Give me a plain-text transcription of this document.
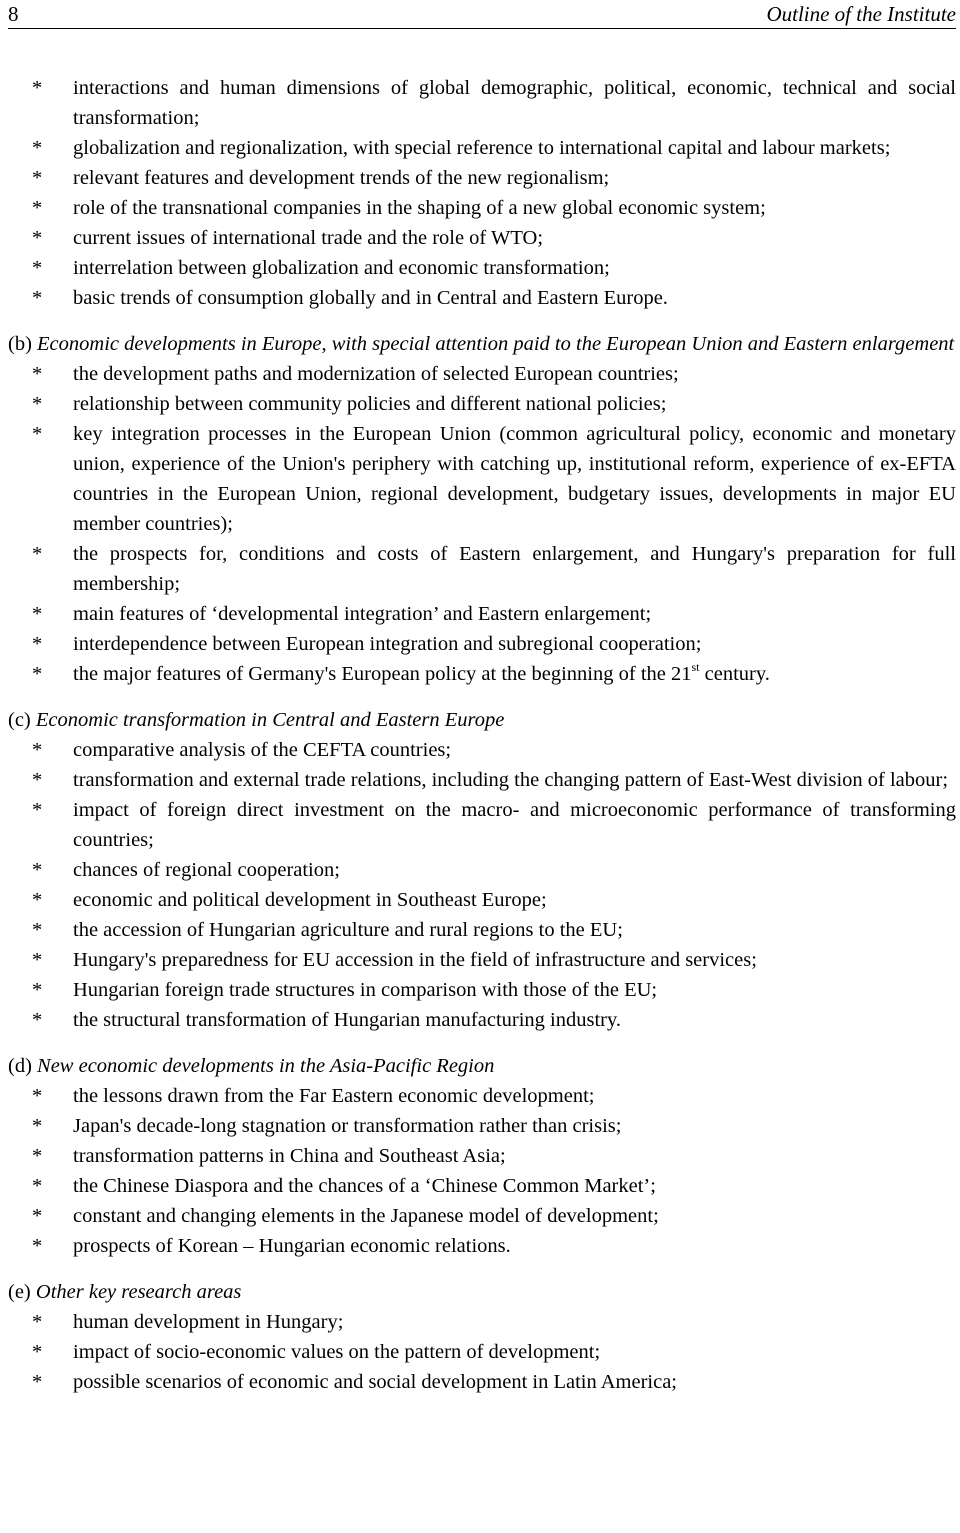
8	Outline of the Institute
*	interactions and human dimensions of global demographic, political, economic, technical and social transformation;
*	globalization and regionalization, with special reference to international capital and labour markets;
*	relevant features and development trends of the new regionalism;
*	role of the transnational companies in the shaping of a new global economic system;
*	current issues of international trade and the role of WTO;
*	interrelation between globalization and economic transformation;
*	basic trends of consumption globally and in Central and Eastern Europe.
(b) Economic developments in Europe, with special attention paid to the European Union and Eastern enlargement
*	the development paths and modernization of selected European countries;
*	relationship between community policies and different national policies;
*	key integration processes in the European Union (common agricultural policy, economic and monetary union, experience of the Union's periphery with catching up, institutional reform, experience of ex-EFTA countries in the European Union, regional development, budgetary issues, developments in major EU member countries);
*	the prospects for, conditions and costs of Eastern enlargement, and Hungary's preparation for full membership;
*	main features of ‘developmental integration’ and Eastern enlargement;
*	interdependence between European integration and subregional cooperation;
*	the major features of Germany's European policy at the beginning of the 21st century.
(c) Economic transformation in Central and Eastern Europe
*	comparative analysis of the CEFTA countries;
*	transformation and external trade relations, including the changing pattern of East-West division of labour;
*	impact of foreign direct investment on the macro- and microeconomic performance of transforming countries;
*	chances of regional cooperation;
*	economic and political development in Southeast Europe;
*	the accession of Hungarian agriculture and rural regions to the EU;
*	Hungary's preparedness for EU accession in the field of infrastructure and services;
*	Hungarian foreign trade structures in comparison with those of the EU;
*	the structural transformation of Hungarian manufacturing industry.
(d) New economic developments in the Asia-Pacific Region
*	the lessons drawn from the Far Eastern economic development;
*	Japan's decade-long stagnation or transformation rather than crisis;
*	transformation patterns in China and Southeast Asia;
*	the Chinese Diaspora and the chances of a ‘Chinese Common Market’;
*	constant and changing elements in the Japanese model of development;
*	prospects of Korean – Hungarian economic relations.
(e) Other key research areas
*	human development in Hungary;
*	impact of socio-economic values on the pattern of development;
*	possible scenarios of economic and social development in Latin America;
